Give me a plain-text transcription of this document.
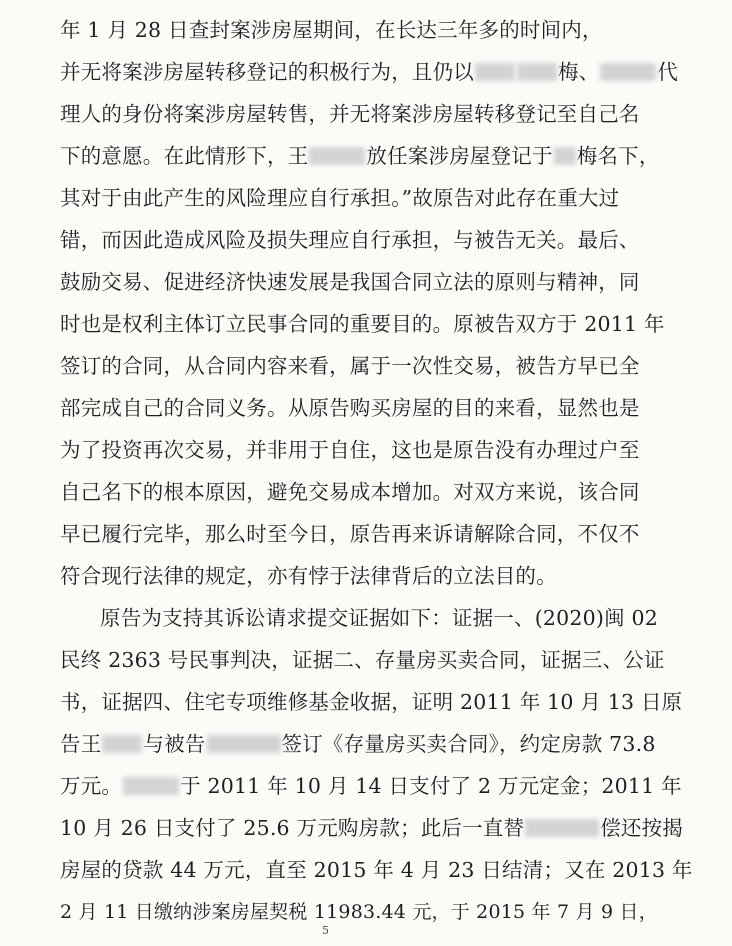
年 1 月 28 日查封案涉房屋期间，在长达三年多的时间内，
并无将案涉房屋转移登记的积极行为，且仍以	梅、	代
理人的身份将案涉房屋转售，并无将案涉房屋转移登记至自己名
下的意愿。在此情形下，王	放任案涉房屋登记于 梅名下，
其对于由此产生的风险理应自行承担。”故原告对此存在重大过
错，而因此造成风险及损失理应自行承担，与被告无关。最后、
鼓励交易、促进经济快速发展是我国合同立法的原则与精神，同
时也是权利主体订立民事合同的重要目的。原被告双方于 2011 年
签订的合同，从合同内容来看，属于一次性交易，被告方早已全
部完成自己的合同义务。从原告购买房屋的目的来看，显然也是
为了投资再次交易，并非用于自住，这也是原告没有办理过户至
自己名下的根本原因，避免交易成本增加。对双方来说，该合同
早已履行完毕，那么时至今日，原告再来诉请解除合同，不仅不
符合现行法律的规定，亦有悖于法律背后的立法目的。
原告为支持其诉讼请求提交证据如下：证据一、(2020)闽 02
民终 2363 号民事判决，证据二、存量房买卖合同，证据三、公证
书，证据四、住宅专项维修基金收据，证明 2011 年 10 月 13 日原
告王 与被告	签订《存量房买卖合同》，约定房款 73.8
万元。	于 2011 年 10 月 14 日支付了 2 万元定金；2011 年
10 月 26 日支付了 25.6 万元购房款；此后一直替	偿还按揭
房屋的贷款 44 万元，直至 2015 年 4 月 23 日结清；又在 2013 年
2 月 11 日缴纳涉案房屋契税 11983.44 元，于 2015 年 7 月 9 日，
5
